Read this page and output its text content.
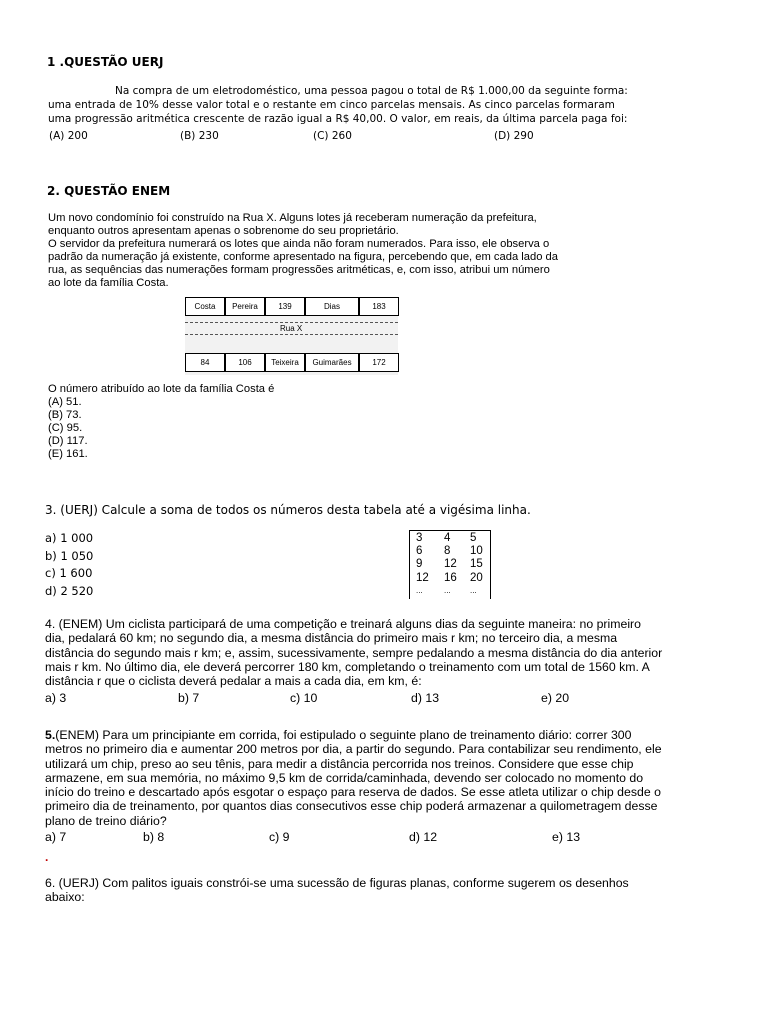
1 .QUESTÃO UERJ
Na compra de um eletrodoméstico, uma pessoa pagou o total de R$ 1.000,00 da seguinte forma:
uma entrada de 10% desse valor total e o restante em cinco parcelas mensais. As cinco parcelas formaram
uma progressão aritmética crescente de razão igual a R$ 40,00. O valor, em reais, da última parcela paga foi:
(A) 200	(B) 230	(C) 260	(D) 290
2. QUESTÃO ENEM
Um novo condomínio foi construído na Rua X. Alguns lotes já receberam numeração da prefeitura,
enquanto outros apresentam apenas o sobrenome do seu proprietário.
O servidor da prefeitura numerará os lotes que ainda não foram numerados. Para isso, ele observa o
padrão da numeração já existente, conforme apresentado na figura, percebendo que, em cada lado da
rua, as sequências das numerações formam progressões aritméticas, e, com isso, atribui um número
ao lote da família Costa.
Costa	Pereira	139	Dias	183
Rua X
84	106	Teixeira	Guimarães	172
O número atribuído ao lote da família Costa é
(A) 51.
(B) 73.
(C) 95.
(D) 117.
(E) 161.
3. (UERJ) Calcule a soma de todos os números desta tabela até a vigésima linha.
a) 1 000
b) 1 050
c) 1 600
d) 2 520
3 4 5
6 8 10
9 12 15
12 16 20
...	... ...
4. (ENEM) Um ciclista participará de uma competição e treinará alguns dias da seguinte maneira: no primeiro
dia, pedalará 60 km; no segundo dia, a mesma distância do primeiro mais r km; no terceiro dia, a mesma
distância do segundo mais r km; e, assim, sucessivamente, sempre pedalando a mesma distância do dia anterior
mais r km. No último dia, ele deverá percorrer 180 km, completando o treinamento com um total de 1560 km. A
distância r que o ciclista deverá pedalar a mais a cada dia, em km, é:
a) 3	b) 7	c) 10	d) 13	e) 20
5.(ENEM) Para um principiante em corrida, foi estipulado o seguinte plano de treinamento diário: correr 300
metros no primeiro dia e aumentar 200 metros por dia, a partir do segundo. Para contabilizar seu rendimento, ele
utilizará um chip, preso ao seu tênis, para medir a distância percorrida nos treinos. Considere que esse chip
armazene, em sua memória, no máximo 9,5 km de corrida/caminhada, devendo ser colocado no momento do
início do treino e descartado após esgotar o espaço para reserva de dados. Se esse atleta utilizar o chip desde o
primeiro dia de treinamento, por quantos dias consecutivos esse chip poderá armazenar a quilometragem desse
plano de treino diário?
a) 7	b) 8	c) 9	d) 12	e) 13
.
6. (UERJ) Com palitos iguais constrói-se uma sucessão de figuras planas, conforme sugerem os desenhos
abaixo:
